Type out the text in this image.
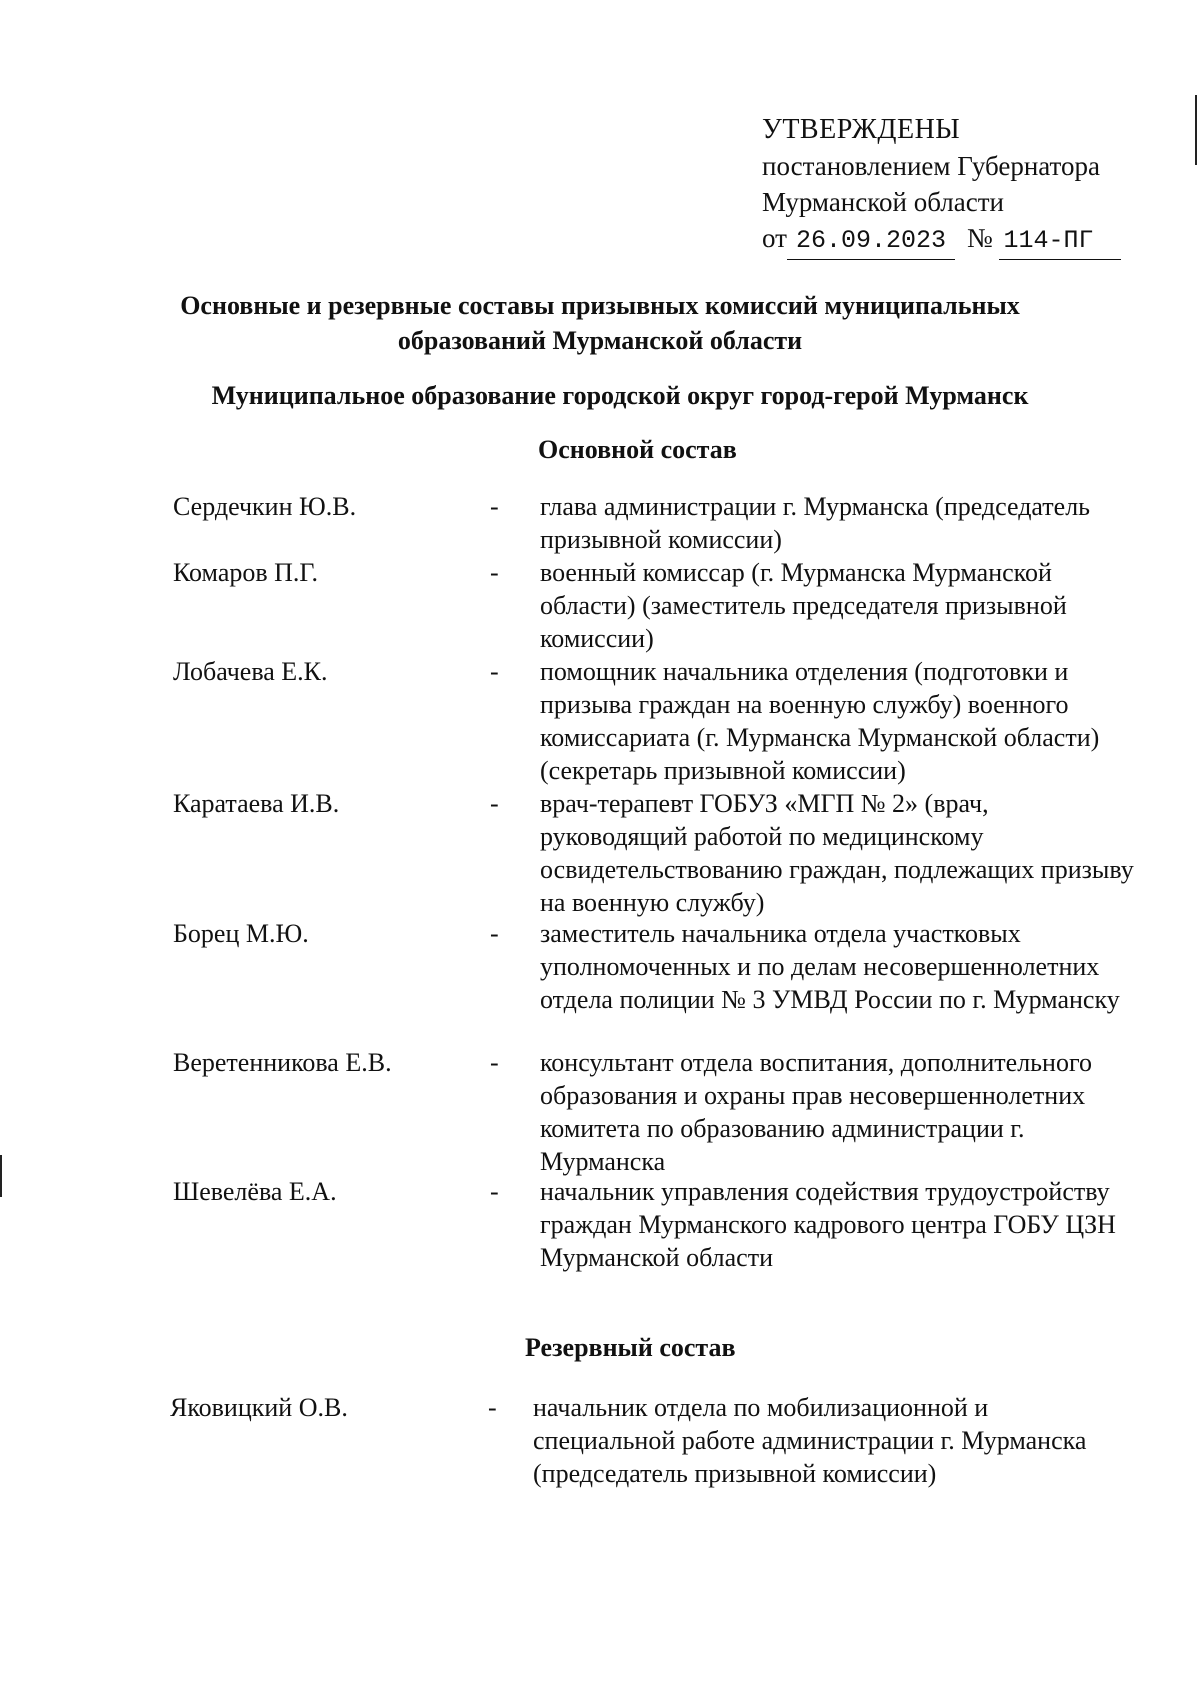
УТВЕРЖДЕНЫ
постановлением Губернатора
Мурманской области
от 26.09.2023 № 114-ПГ
Основные и резервные составы призывных комиссий муниципальных образований Мурманской области
Муниципальное образование городской округ город-герой Мурманск
Основной состав
Сердечкин Ю.В.	- глава администрации г. Мурманска (председатель призывной комиссии)
Комаров П.Г.	- военный комиссар (г. Мурманска Мурманской области) (заместитель председателя призывной комиссии)
Лобачева Е.К.	- помощник начальника отделения (подготовки и призыва граждан на военную службу) военного комиссариата (г. Мурманска Мурманской области) (секретарь призывной комиссии)
Каратаева И.В.	- врач-терапевт ГОБУЗ «МГП № 2» (врач, руководящий работой по медицинскому освидетельствованию граждан, подлежащих призыву на военную службу)
Борец М.Ю.	- заместитель начальника отдела участковых уполномоченных и по делам несовершеннолетних отдела полиции № 3 УМВД России по г. Мурманску
Веретенникова Е.В.	- консультант отдела воспитания, дополнительного образования и охраны прав несовершеннолетних комитета по образованию администрации г. Мурманска
Шевелёва Е.А.	- начальник управления содействия трудоустройству граждан Мурманского кадрового центра ГОБУ ЦЗН Мурманской области
Резервный состав
Яковицкий О.В.	- начальник отдела по мобилизационной и специальной работе администрации г. Мурманска (председатель призывной комиссии)
